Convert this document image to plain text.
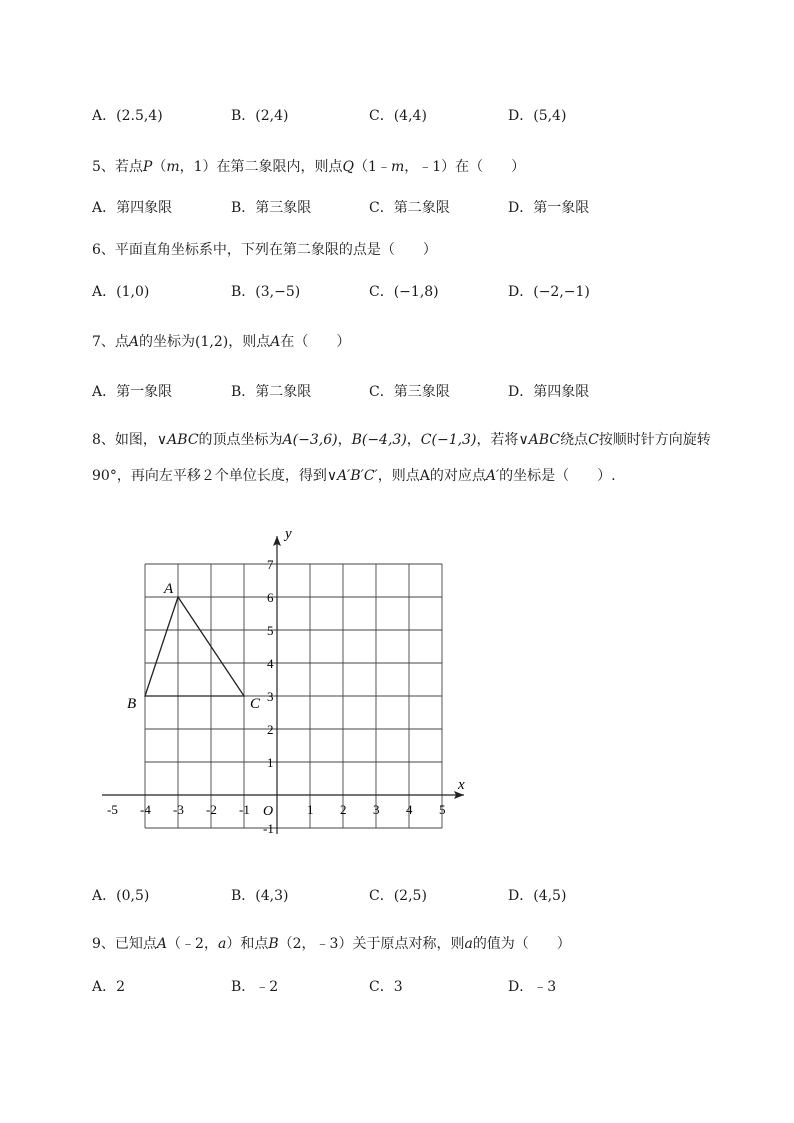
A．(2.5,4)	B．(2,4)	C．(4,4)	D．(5,4)
5、若点P（m，1）在第二象限内，则点Q（1﹣m，﹣1）在（　　）
A．第四象限	B．第三象限	C．第二象限	D．第一象限
6、平面直角坐标系中，下列在第二象限的点是（　　）
A．(1,0)	B．(3,−5)	C．(−1,8)	D．(−2,−1)
7、点A的坐标为(1,2)，则点A在（　　）
A．第一象限	B．第二象限	C．第三象限	D．第四象限
8、如图，∨ABC的顶点坐标为A(−3,6)，B(−4,3)，C(−1,3)，若将∨ABC绕点C按顺时针方向旋转
90°，再向左平移２个单位长度，得到∨A′B′C′，则点A的对应点A′的坐标是（　　）.
x
y
O
-5 -4 -3 -2 -1	1 2 3 4 5
-1
1
2
3
4
5
6
7
A
B	C
A．(0,5)	B．(4,3)	C．(2,5)	D．(4,5)
9、已知点A（﹣2，a）和点B（2，﹣3）关于原点对称，则a的值为（　　）
A．2	B．﹣2	C．3	D．﹣3
